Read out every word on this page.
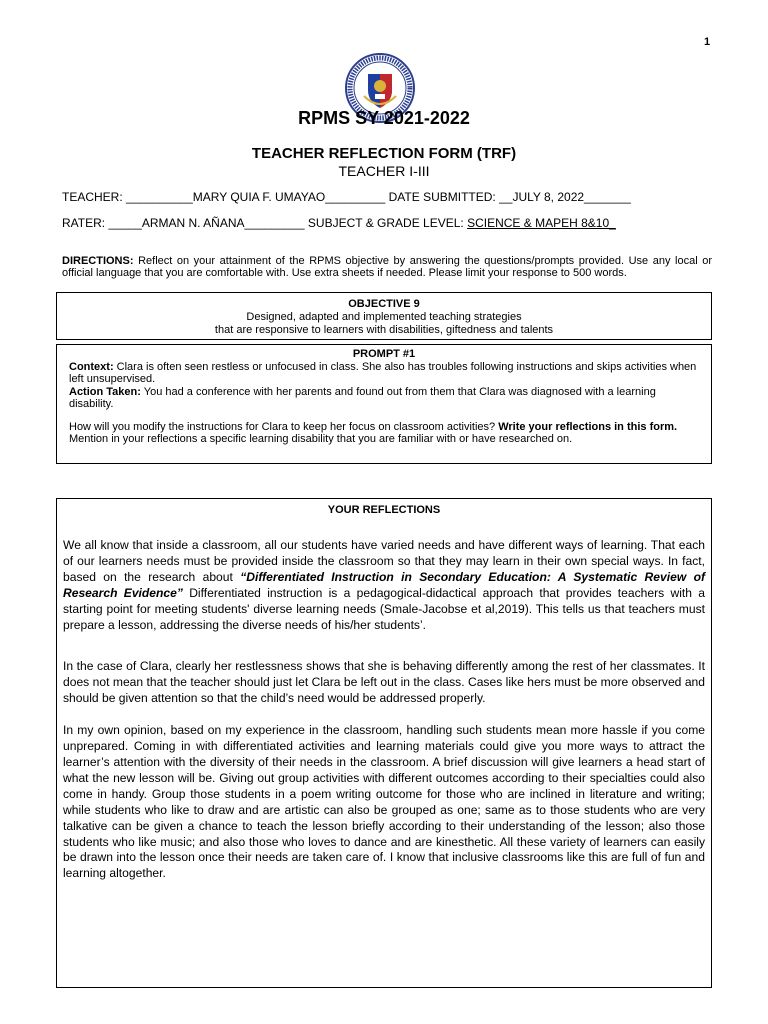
1
RPMS SY 2021-2022
TEACHER REFLECTION FORM (TRF)
TEACHER I-III
TEACHER: __________MARY QUIA F. UMAYAO_________ DATE SUBMITTED: __JULY 8, 2022_______
RATER: _____ARMAN N. AÑANA_________ SUBJECT & GRADE LEVEL: SCIENCE & MAPEH 8&10_
DIRECTIONS: Reflect on your attainment of the RPMS objective by answering the questions/prompts provided. Use any local or official language that you are comfortable with. Use extra sheets if needed. Please limit your response to 500 words.
OBJECTIVE 9
Designed, adapted and implemented teaching strategies
that are responsive to learners with disabilities, giftedness and talents
PROMPT #1
Context: Clara is often seen restless or unfocused in class. She also has troubles following instructions and skips activities when left unsupervised.
Action Taken: You had a conference with her parents and found out from them that Clara was diagnosed with a learning disability.
How will you modify the instructions for Clara to keep her focus on classroom activities? Write your reflections in this form. Mention in your reflections a specific learning disability that you are familiar with or have researched on.
YOUR REFLECTIONS

We all know that inside a classroom, all our students have varied needs and have different ways of learning. That each of our learners needs must be provided inside the classroom so that they may learn in their own special ways. In fact, based on the research about “Differentiated Instruction in Secondary Education: A Systematic Review of Research Evidence” Differentiated instruction is a pedagogical-didactical approach that provides teachers with a starting point for meeting students' diverse learning needs (Smale-Jacobse et al,2019). This tells us that teachers must prepare a lesson, addressing the diverse needs of his/her students’.

In the case of Clara, clearly her restlessness shows that she is behaving differently among the rest of her classmates. It does not mean that the teacher should just let Clara be left out in the class. Cases like hers must be more observed and should be given attention so that the child’s need would be addressed properly.

In my own opinion, based on my experience in the classroom, handling such students mean more hassle if you come unprepared. Coming in with differentiated activities and learning materials could give you more ways to attract the learner’s attention with the diversity of their needs in the classroom. A brief discussion will give learners a head start of what the new lesson will be. Giving out group activities with different outcomes according to their specialties could also come in handy. Group those students in a poem writing outcome for those who are inclined in literature and writing; while students who like to draw and are artistic can also be grouped as one; same as to those students who are very talkative can be given a chance to teach the lesson briefly according to their understanding of the lesson; also those students who like music; and also those who loves to dance and are kinesthetic. All these variety of learners can easily be drawn into the lesson once their needs are taken care of. I know that inclusive classrooms like this are full of fun and learning altogether.
